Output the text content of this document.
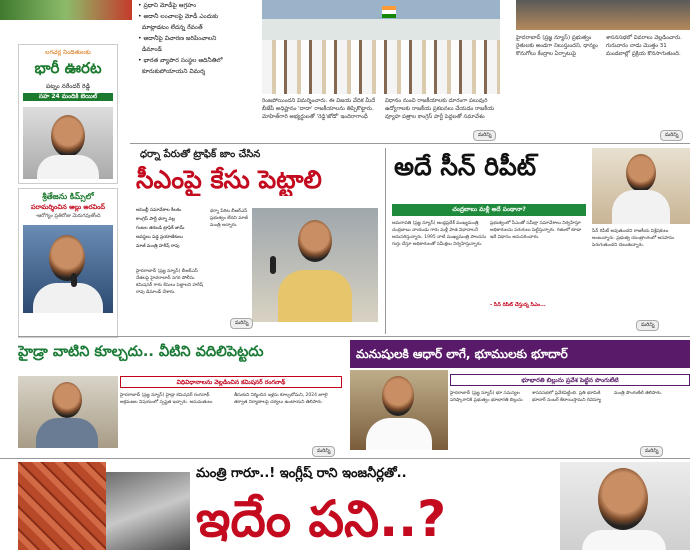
• ప్రధాని మోడీపై ఆగ్రహం
• అదానీ లంచాలపై మోడీ ఎందుకు
మాట్లాడటం లేదన్న రేవంత్
• అదానీపై విచారణ జరిపించాలని
డిమాండ్
• భారత వ్యాపార సంస్థల ఆదినీతిలో
కూరుకుపోయాయని విమర్శ
లగచర్ల నిందితులకు
భారీ ఊరట
పట్నం నరేందర్ రెడ్డి
సహ 24 మందికి బెయిల్
శ్రీతేజను కిమ్స్‌లో
పరామర్శించిన అల్లు అరవింద్
-ఆరోగ్యం ప్రతిరోజు మెరుగవుతోంది
రింజపోయిందని విమర్శించారు. ఈ విజయ వేదిక మీదే బీజేపీ అధిష్టానం 'దాదా' రాజకీయాలను తిప్పికొట్టారు. మోహిత్‌గారి అభ్యర్థులతో 'రెడ్డి'జోడో' ఇందిరాగాంధీ
విధానం నుంచి రాజకీయాలకు దూరంగా పలువురి ఉద్యోగాలకు రాజకీయ ప్రకటనలు చేయడం రాజకీయ వ్యూహ పత్రాల కాంగ్రెస్ పార్టీ పెద్దలతో సమావేశం
మరిన్ని
హైదరాబాద్ (ప్రజ్ఞ న్యూస్) ప్రభుత్వం రైతులకు అండగా నిలుస్తుందని, ధాన్యం కొనుగోలు కేంద్రాల ఏర్పాటుపై శాసనసభలో వివరాలు వెల్లడించారు. గురువారం నాడు మొత్తం 31 మండలాల్లో ప్రక్రియ కొనసాగుతుంది.
మరిన్ని
ధర్నా పేరుతో ట్రాఫిక్ జాం చేసిన
సీఎంపై కేసు పెట్టాలి
అసెంబ్లీ సమావేశాల కీలకం
కాంగ్రెస్ పార్టీ ధర్నా వల్ల
గంటల తరబడి ట్రాఫిక్ జామ్
అవస్థలు పడ్డ ప్రయాణికులు
మాజీ మంత్రి హరీష్ రావు
హైదరాబాద్ (ప్రజ్ఞ న్యూస్) బీఆర్ఎస్ నేతలపై హైదరాబాద్ నగర పోలీసు కమిషనర్ గారు కేసులు పెట్టాలని హరీష్ రావు డిమాండ్ చేశారు.
ధర్నా పేరిట బీఆర్ఎస్ ప్రభుత్వం లేదని మాజీ మంత్రి అన్నారు.
మరిన్ని
అదే సీన్ రిపీట్
చంద్రబాబు మళ్లీ అదే పంథానా?
అమరావతి (ప్రజ్ఞ న్యూస్) ఆంధ్రప్రదేశ్ ముఖ్యమంత్రి చంద్రబాబు నాయుడు గారు మళ్లీ పాత విధానాలనే అనుసరిస్తున్నారు. 1995 నాటి ముఖ్యమంత్రి పాలనను గుర్తు చేస్తూ అధికారులతో సమీక్షలు నిర్వహిస్తున్నారు.
ప్రభుత్వంలో సీఎంతో సమీక్షా సమావేశాలు నిర్వహిస్తూ అధికారులను పరుగులు పెట్టిస్తున్నారు. గతంలో కూడా ఇదే విధానం అనుసరించారు.
- సీన్ రిపీట్ చేస్తున్న సీఎం...
సీన్ రిపీట్ అవుతుందని రాజకీయ విశ్లేషకులు అంటున్నారు. ప్రభుత్వ యంత్రాంగంలో అసహనం పెరుగుతుందని చెబుతున్నారు.
మరిన్ని
హైడ్రా వాటిని కూల్చదు.. వీటిని వదిలిపెట్టదు
విధివిధానాలను వెల్లడించిన కమిషనర్ రంగనాథ్
హైదరాబాద్ (ప్రజ్ఞ న్యూస్) హైడ్రా కమిషనర్ రంగనాథ్ ఆక్రమణల విషయంలో స్పష్టత ఇచ్చారు. అనుమతులు తీసుకుని నిర్మించిన ఇళ్లను కూల్చబోమని, 2024 జూలై తర్వాత నిర్మాణాలపై చర్యలు ఉంటాయని తెలిపారు.
మరిన్ని
మనుషులకి ఆధార్ లాగే, భూములకు భూదార్
భూభారతి బిల్లును ప్రవేశ పెట్టిన పొంగులేటి
హైదరాబాద్ (ప్రజ్ఞ న్యూస్) భూ సమస్యల పరిష్కారానికి ప్రభుత్వం భూభారతి బిల్లును శాసనసభలో ప్రవేశపెట్టింది. ప్రతి భూమికి భూదార్ నంబర్ కేటాయిస్తామని రెవెన్యూ మంత్రి పొంగులేటి తెలిపారు.
మరిన్ని
మంత్రి గారూ..! ఇంగ్లీష్ రాని ఇంజనీర్లతో..
ఇదేం పని..?
